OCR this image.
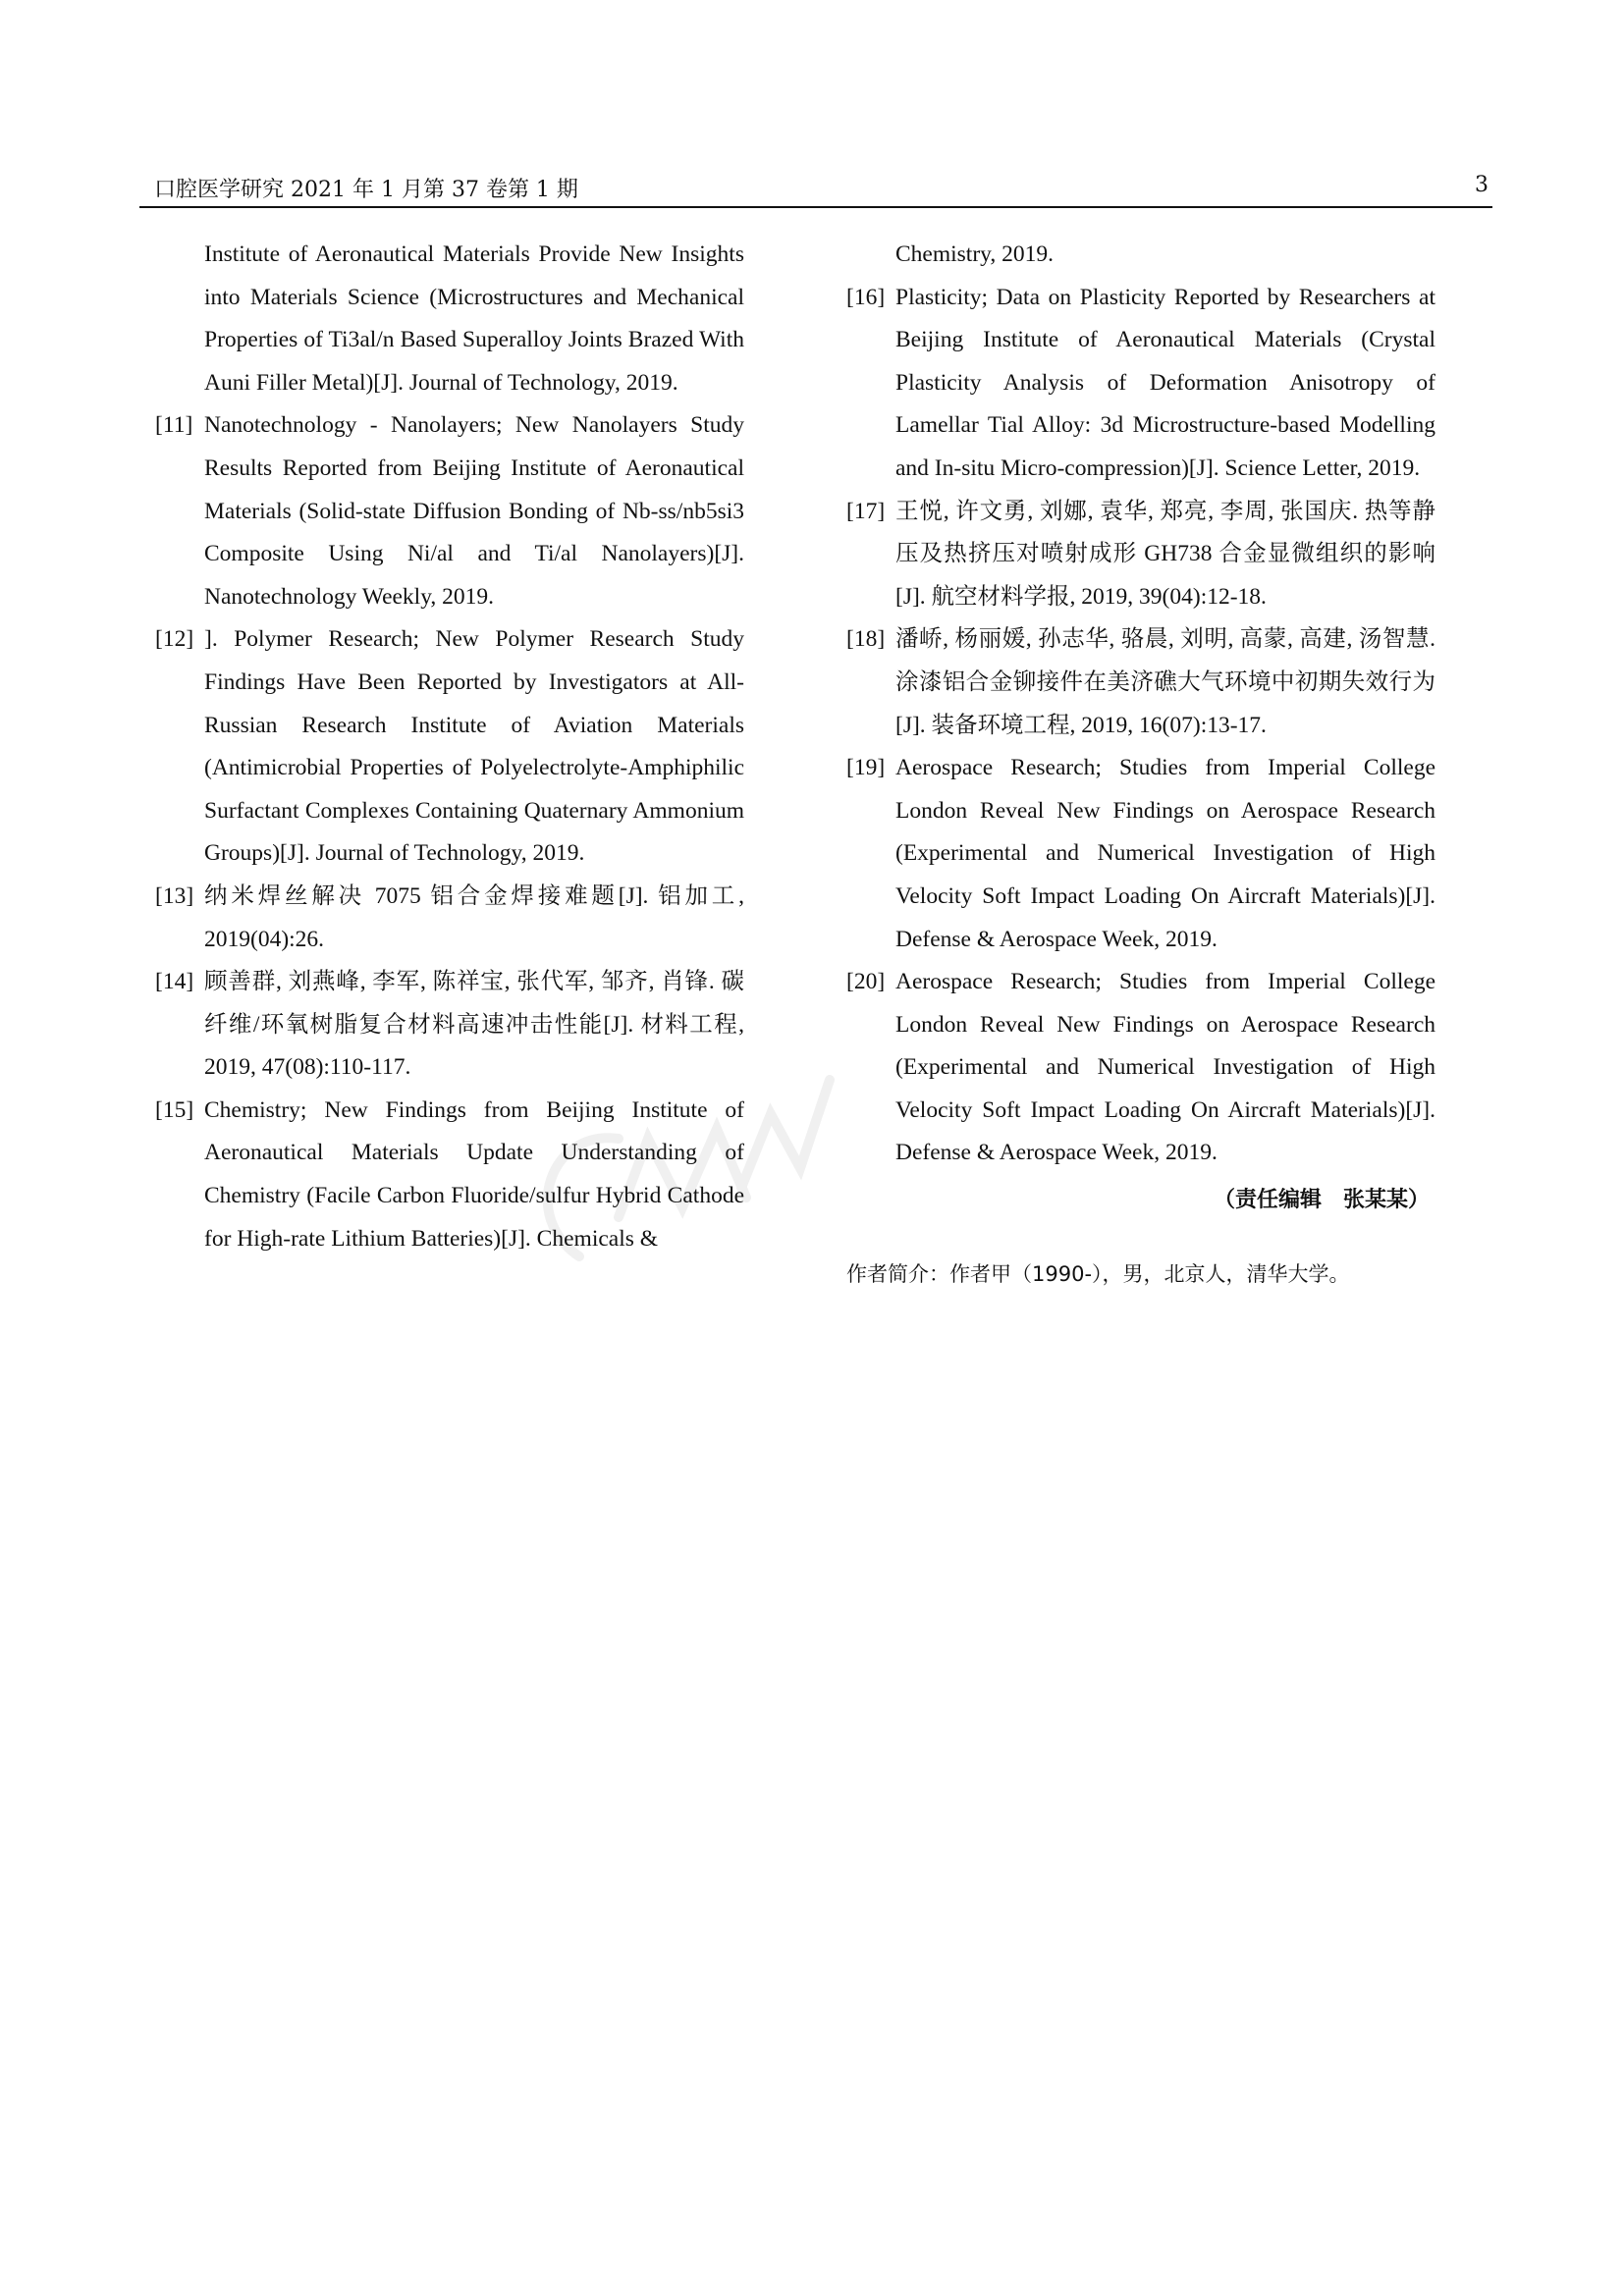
口腔医学研究 2021 年 1 月第 37 卷第 1 期	3
Institute of Aeronautical Materials Provide New Insights into Materials Science (Microstructures and Mechanical Properties of Ti3al/n Based Superalloy Joints Brazed With Auni Filler Metal)[J]. Journal of Technology, 2019.
[11] Nanotechnology - Nanolayers; New Nanolayers Study Results Reported from Beijing Institute of Aeronautical Materials (Solid-state Diffusion Bonding of Nb-ss/nb5si3 Composite Using Ni/al and Ti/al Nanolayers)[J]. Nanotechnology Weekly, 2019.
[12] ]. Polymer Research; New Polymer Research Study Findings Have Been Reported by Investigators at All-Russian Research Institute of Aviation Materials (Antimicrobial Properties of Polyelectrolyte-Amphiphilic Surfactant Complexes Containing Quaternary Ammonium Groups)[J]. Journal of Technology, 2019.
[13] 纳米焊丝解决 7075 铝合金焊接难题[J]. 铝加工, 2019(04):26.
[14] 顾善群, 刘燕峰, 李军, 陈祥宝, 张代军, 邹齐, 肖锋. 碳纤维/环氧树脂复合材料高速冲击性能[J]. 材料工程, 2019, 47(08):110-117.
[15] Chemistry; New Findings from Beijing Institute of Aeronautical Materials Update Understanding of Chemistry (Facile Carbon Fluoride/sulfur Hybrid Cathode for High-rate Lithium Batteries)[J]. Chemicals &
Chemistry, 2019.
[16] Plasticity; Data on Plasticity Reported by Researchers at Beijing Institute of Aeronautical Materials (Crystal Plasticity Analysis of Deformation Anisotropy of Lamellar Tial Alloy: 3d Microstructure-based Modelling and In-situ Micro-compression)[J]. Science Letter, 2019.
[17] 王悦, 许文勇, 刘娜, 袁华, 郑亮, 李周, 张国庆. 热等静压及热挤压对喷射成形 GH738 合金显微组织的影响[J]. 航空材料学报, 2019, 39(04):12-18.
[18] 潘峤, 杨丽媛, 孙志华, 骆晨, 刘明, 高蒙, 高建, 汤智慧. 涂漆铝合金铆接件在美济礁大气环境中初期失效行为[J]. 装备环境工程, 2019, 16(07):13-17.
[19] Aerospace Research; Studies from Imperial College London Reveal New Findings on Aerospace Research (Experimental and Numerical Investigation of High Velocity Soft Impact Loading On Aircraft Materials)[J]. Defense & Aerospace Week, 2019.
[20] Aerospace Research; Studies from Imperial College London Reveal New Findings on Aerospace Research (Experimental and Numerical Investigation of High Velocity Soft Impact Loading On Aircraft Materials)[J]. Defense & Aerospace Week, 2019.
（责任编辑　张某某）
作者简介：作者甲（1990-），男，北京人，清华大学。
